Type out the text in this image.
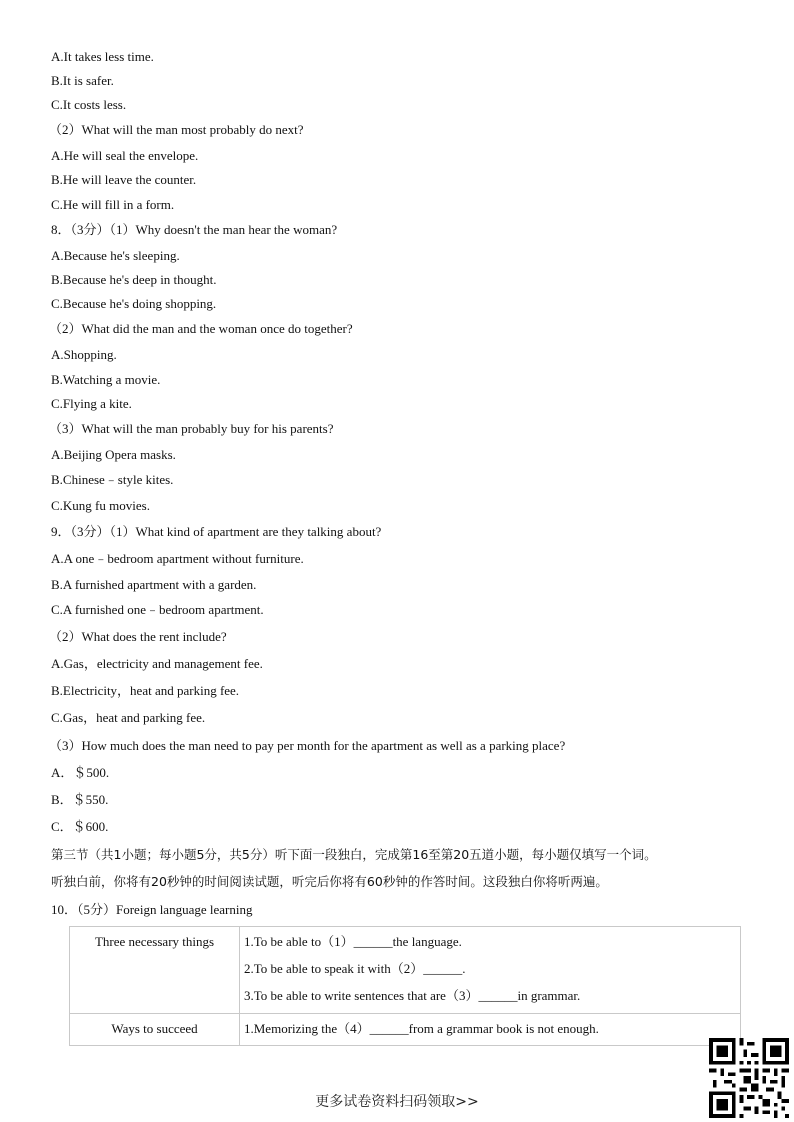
A.It takes less time.
B.It is safer.
C.It costs less.
（2）What will the man most probably do next?
A.He will seal the envelope.
B.He will leave the counter.
C.He will fill in a form.
8．（3分）（1）Why doesn't the man hear the woman?
A.Because he's sleeping.
B.Because he's deep in thought.
C.Because he's doing shopping.
（2）What did the man and the woman once do together?
A.Shopping.
B.Watching a movie.
C.Flying a kite.
（3）What will the man probably buy for his parents?
A.Beijing Opera masks.
B.Chinese﹣style kites.
C.Kung fu movies.
9．（3分）（1）What kind of apartment are they talking about?
A.A one﹣bedroom apartment without furniture.
B.A furnished apartment with a garden.
C.A furnished one﹣bedroom apartment.
（2）What does the rent include?
A.Gas，electricity and management fee.
B.Electricity，heat and parking fee.
C.Gas，heat and parking fee.
（3）How much does the man need to pay per month for the apartment as well as a parking place?
A．＄500.
B．＄550.
C．＄600.
第三节（共1小题；每小题5分，共5分）听下面一段独白，完成第16至第20五道小题，每小题仅填写一个词。
听独白前，你将有20秒钟的时间阅读试题，听完后你将有60秒钟的作答时间。这段独白你将听两遍。
10．（5分）Foreign language learning
Three necessary things	1.To be able to（1）______the language.
2.To be able to speak it with（2）______.
3.To be able to write sentences that are（3）______in grammar.

Ways to succeed	1.Memorizing the（4）______from a grammar book is not enough.
更多试卷资料扫码领取>>
